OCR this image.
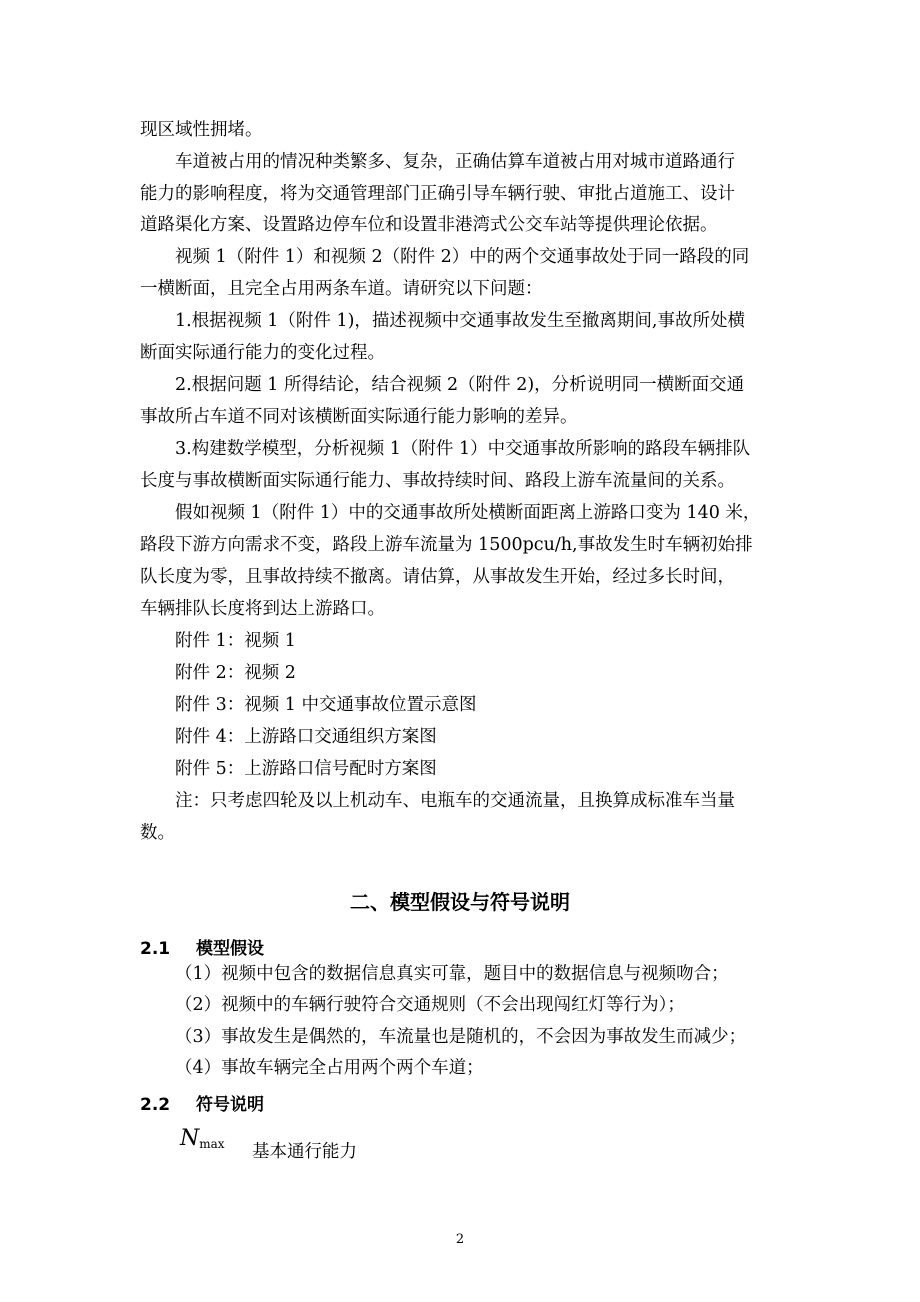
现区域性拥堵。
车道被占用的情况种类繁多、复杂，正确估算车道被占用对城市道路通行
能力的影响程度，将为交通管理部门正确引导车辆行驶、审批占道施工、设计
道路渠化方案、设置路边停车位和设置非港湾式公交车站等提供理论依据。
视频 1（附件 1）和视频 2（附件 2）中的两个交通事故处于同一路段的同
一横断面，且完全占用两条车道。请研究以下问题：
1.根据视频 1（附件 1)，描述视频中交通事故发生至撤离期间,事故所处横
断面实际通行能力的变化过程。
2.根据问题 1 所得结论，结合视频 2（附件 2)，分析说明同一横断面交通
事故所占车道不同对该横断面实际通行能力影响的差异。
3.构建数学模型，分析视频 1（附件 1）中交通事故所影响的路段车辆排队
长度与事故横断面实际通行能力、事故持续时间、路段上游车流量间的关系。
假如视频 1（附件 1）中的交通事故所处横断面距离上游路口变为 140 米，
路段下游方向需求不变，路段上游车流量为 1500pcu/h,事故发生时车辆初始排
队长度为零，且事故持续不撤离。请估算，从事故发生开始，经过多长时间，
车辆排队长度将到达上游路口。
附件 1：视频 1
附件 2：视频 2
附件 3：视频 1 中交通事故位置示意图
附件 4：上游路口交通组织方案图
附件 5：上游路口信号配时方案图
注：只考虑四轮及以上机动车、电瓶车的交通流量，且换算成标准车当量
数。
二、模型假设与符号说明
2.1 模型假设
（1）视频中包含的数据信息真实可靠，题目中的数据信息与视频吻合；
（2）视频中的车辆行驶符合交通规则（不会出现闯红灯等行为）；
（3）事故发生是偶然的，车流量也是随机的，不会因为事故发生而减少；
（4）事故车辆完全占用两个两个车道；
2.2 符号说明
$N_{max}$ 基本通行能力
2
